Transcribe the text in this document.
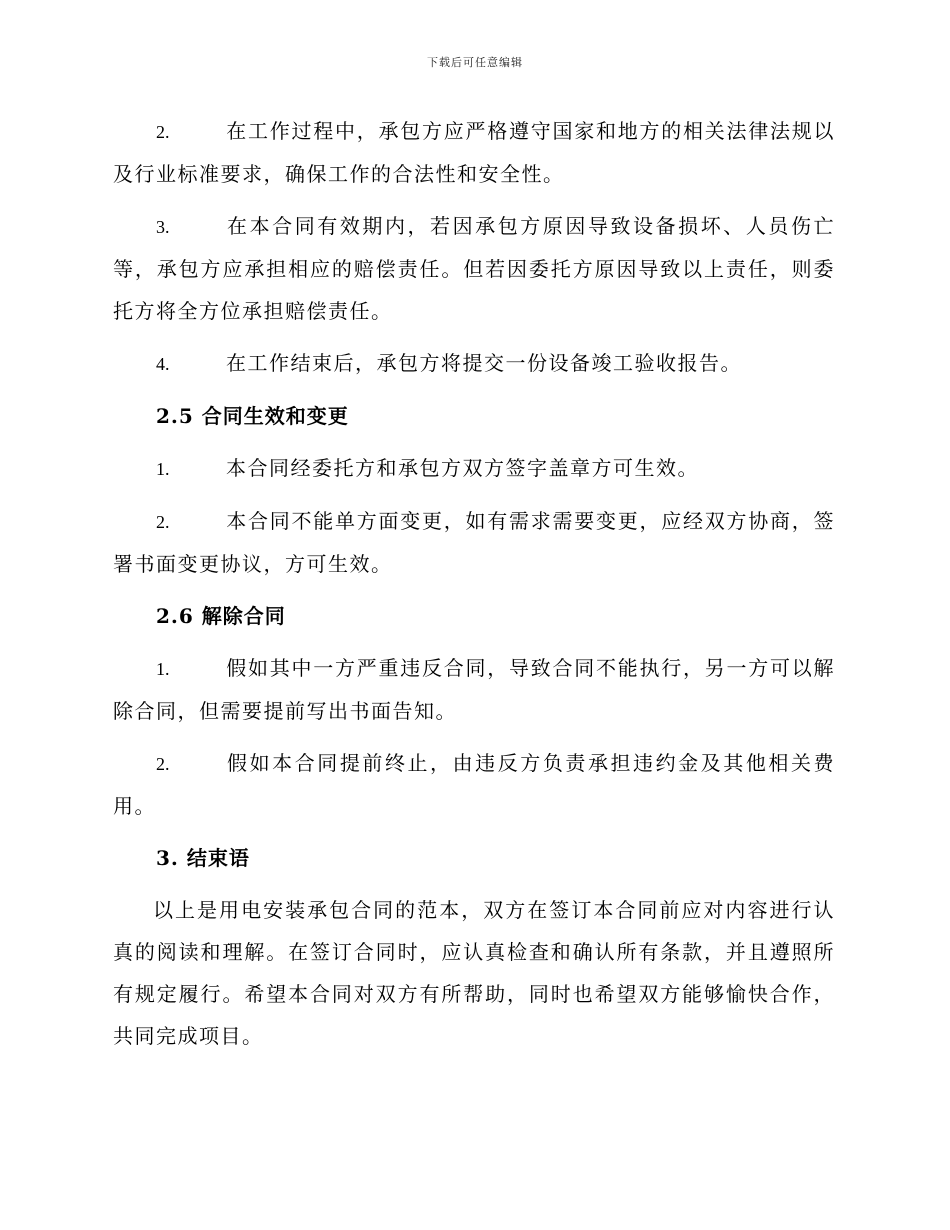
下载后可任意编辑
2.	在工作过程中，承包方应严格遵守国家和地方的相关法律法规以及行业标准要求，确保工作的合法性和安全性。
3.	在本合同有效期内，若因承包方原因导致设备损坏、人员伤亡等，承包方应承担相应的赔偿责任。但若因委托方原因导致以上责任，则委托方将全方位承担赔偿责任。
4.	在工作结束后，承包方将提交一份设备竣工验收报告。
2.5 合同生效和变更
1.	本合同经委托方和承包方双方签字盖章方可生效。
2.	本合同不能单方面变更，如有需求需要变更，应经双方协商，签署书面变更协议，方可生效。
2.6 解除合同
1.	假如其中一方严重违反合同，导致合同不能执行，另一方可以解除合同，但需要提前写出书面告知。
2.	假如本合同提前终止，由违反方负责承担违约金及其他相关费用。
3. 结束语

以上是用电安装承包合同的范本，双方在签订本合同前应对内容进行认真的阅读和理解。在签订合同时，应认真检查和确认所有条款，并且遵照所有规定履行。希望本合同对双方有所帮助，同时也希望双方能够愉快合作，共同完成项目。
